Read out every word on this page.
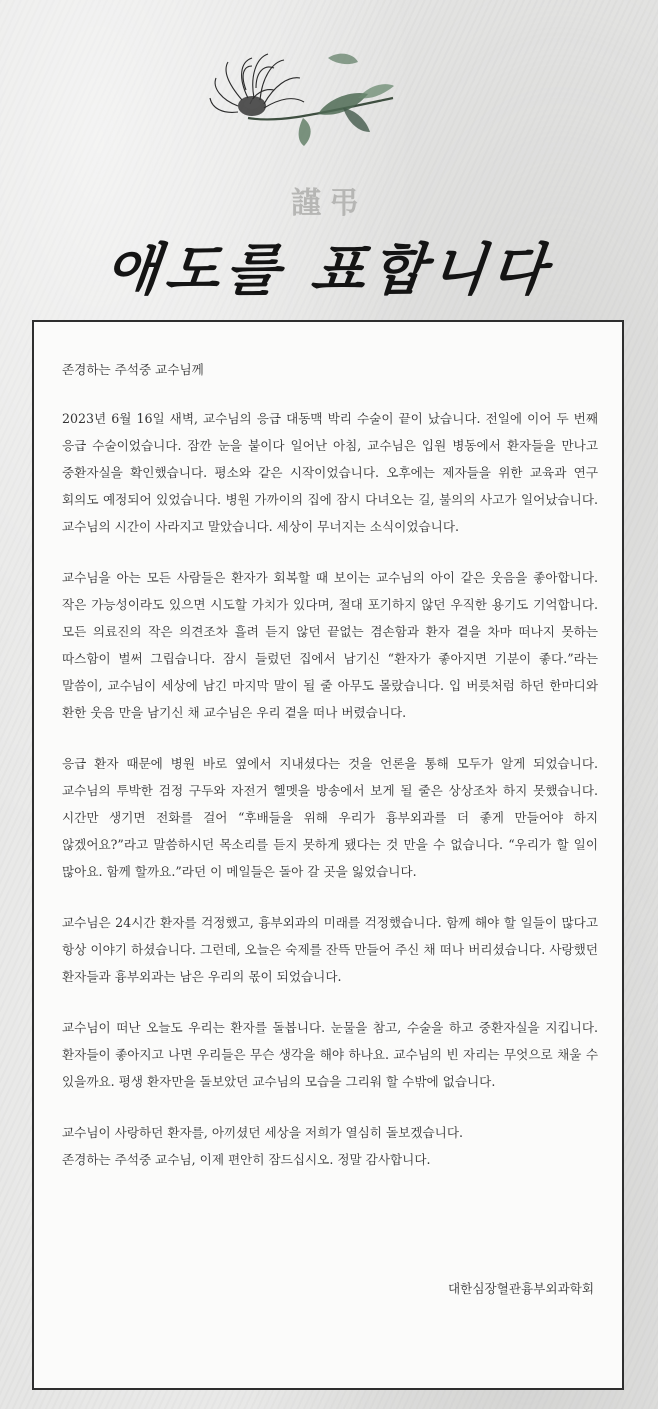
謹弔
애도를 표합니다

존경하는 주석중 교수님께

2023년 6월 16일 새벽, 교수님의 응급 대동맥 박리 수술이 끝이 났습니다. 전일에 이어 두 번째 응급 수술이었습니다. 잠깐 눈을 붙이다 일어난 아침, 교수님은 입원 병동에서 환자들을 만나고 중환자실을 확인했습니다. 평소와 같은 시작이었습니다. 오후에는 제자들을 위한 교육과 연구 회의도 예정되어 있었습니다. 병원 가까이의 집에 잠시 다녀오는 길, 불의의 사고가 일어났습니다. 교수님의 시간이 사라지고 말았습니다. 세상이 무너지는 소식이었습니다.

교수님을 아는 모든 사람들은 환자가 회복할 때 보이는 교수님의 아이 같은 웃음을 좋아합니다. 작은 가능성이라도 있으면 시도할 가치가 있다며, 절대 포기하지 않던 우직한 용기도 기억합니다. 모든 의료진의 작은 의견조차 흘려 듣지 않던 끝없는 겸손함과 환자 곁을 차마 떠나지 못하는 따스함이 벌써 그립습니다. 잠시 들렀던 집에서 남기신 “환자가 좋아지면 기분이 좋다.”라는 말씀이, 교수님이 세상에 남긴 마지막 말이 될 줄 아무도 몰랐습니다. 입 버릇처럼 하던 한마디와 환한 웃음 만을 남기신 채 교수님은 우리 곁을 떠나 버렸습니다.

응급 환자 때문에 병원 바로 옆에서 지내셨다는 것을 언론을 통해 모두가 알게 되었습니다. 교수님의 투박한 검정 구두와 자전거 헬멧을 방송에서 보게 될 줄은 상상조차 하지 못했습니다. 시간만 생기면 전화를 걸어 “후배들을 위해 우리가 흉부외과를 더 좋게 만들어야 하지 않겠어요?”라고 말씀하시던 목소리를 듣지 못하게 됐다는 것 만을 수 없습니다. “우리가 할 일이 많아요. 함께 할까요.”라던 이 메일들은 돌아 갈 곳을 잃었습니다.

교수님은 24시간 환자를 걱정했고, 흉부외과의 미래를 걱정했습니다. 함께 해야 할 일들이 많다고 항상 이야기 하셨습니다. 그런데, 오늘은 숙제를 잔뜩 만들어 주신 채 떠나 버리셨습니다. 사랑했던 환자들과 흉부외과는 남은 우리의 몫이 되었습니다.

교수님이 떠난 오늘도 우리는 환자를 돌봅니다. 눈물을 참고, 수술을 하고 중환자실을 지킵니다. 환자들이 좋아지고 나면 우리들은 무슨 생각을 해야 하나요. 교수님의 빈 자리는 무엇으로 채울 수 있을까요. 평생 환자만을 돌보았던 교수님의 모습을 그리워 할 수밖에 없습니다.

교수님이 사랑하던 환자를, 아끼셨던 세상을 저희가 열심히 돌보겠습니다.

존경하는 주석중 교수님, 이제 편안히 잠드십시오. 정말 감사합니다.

대한심장혈관흉부외과학회
